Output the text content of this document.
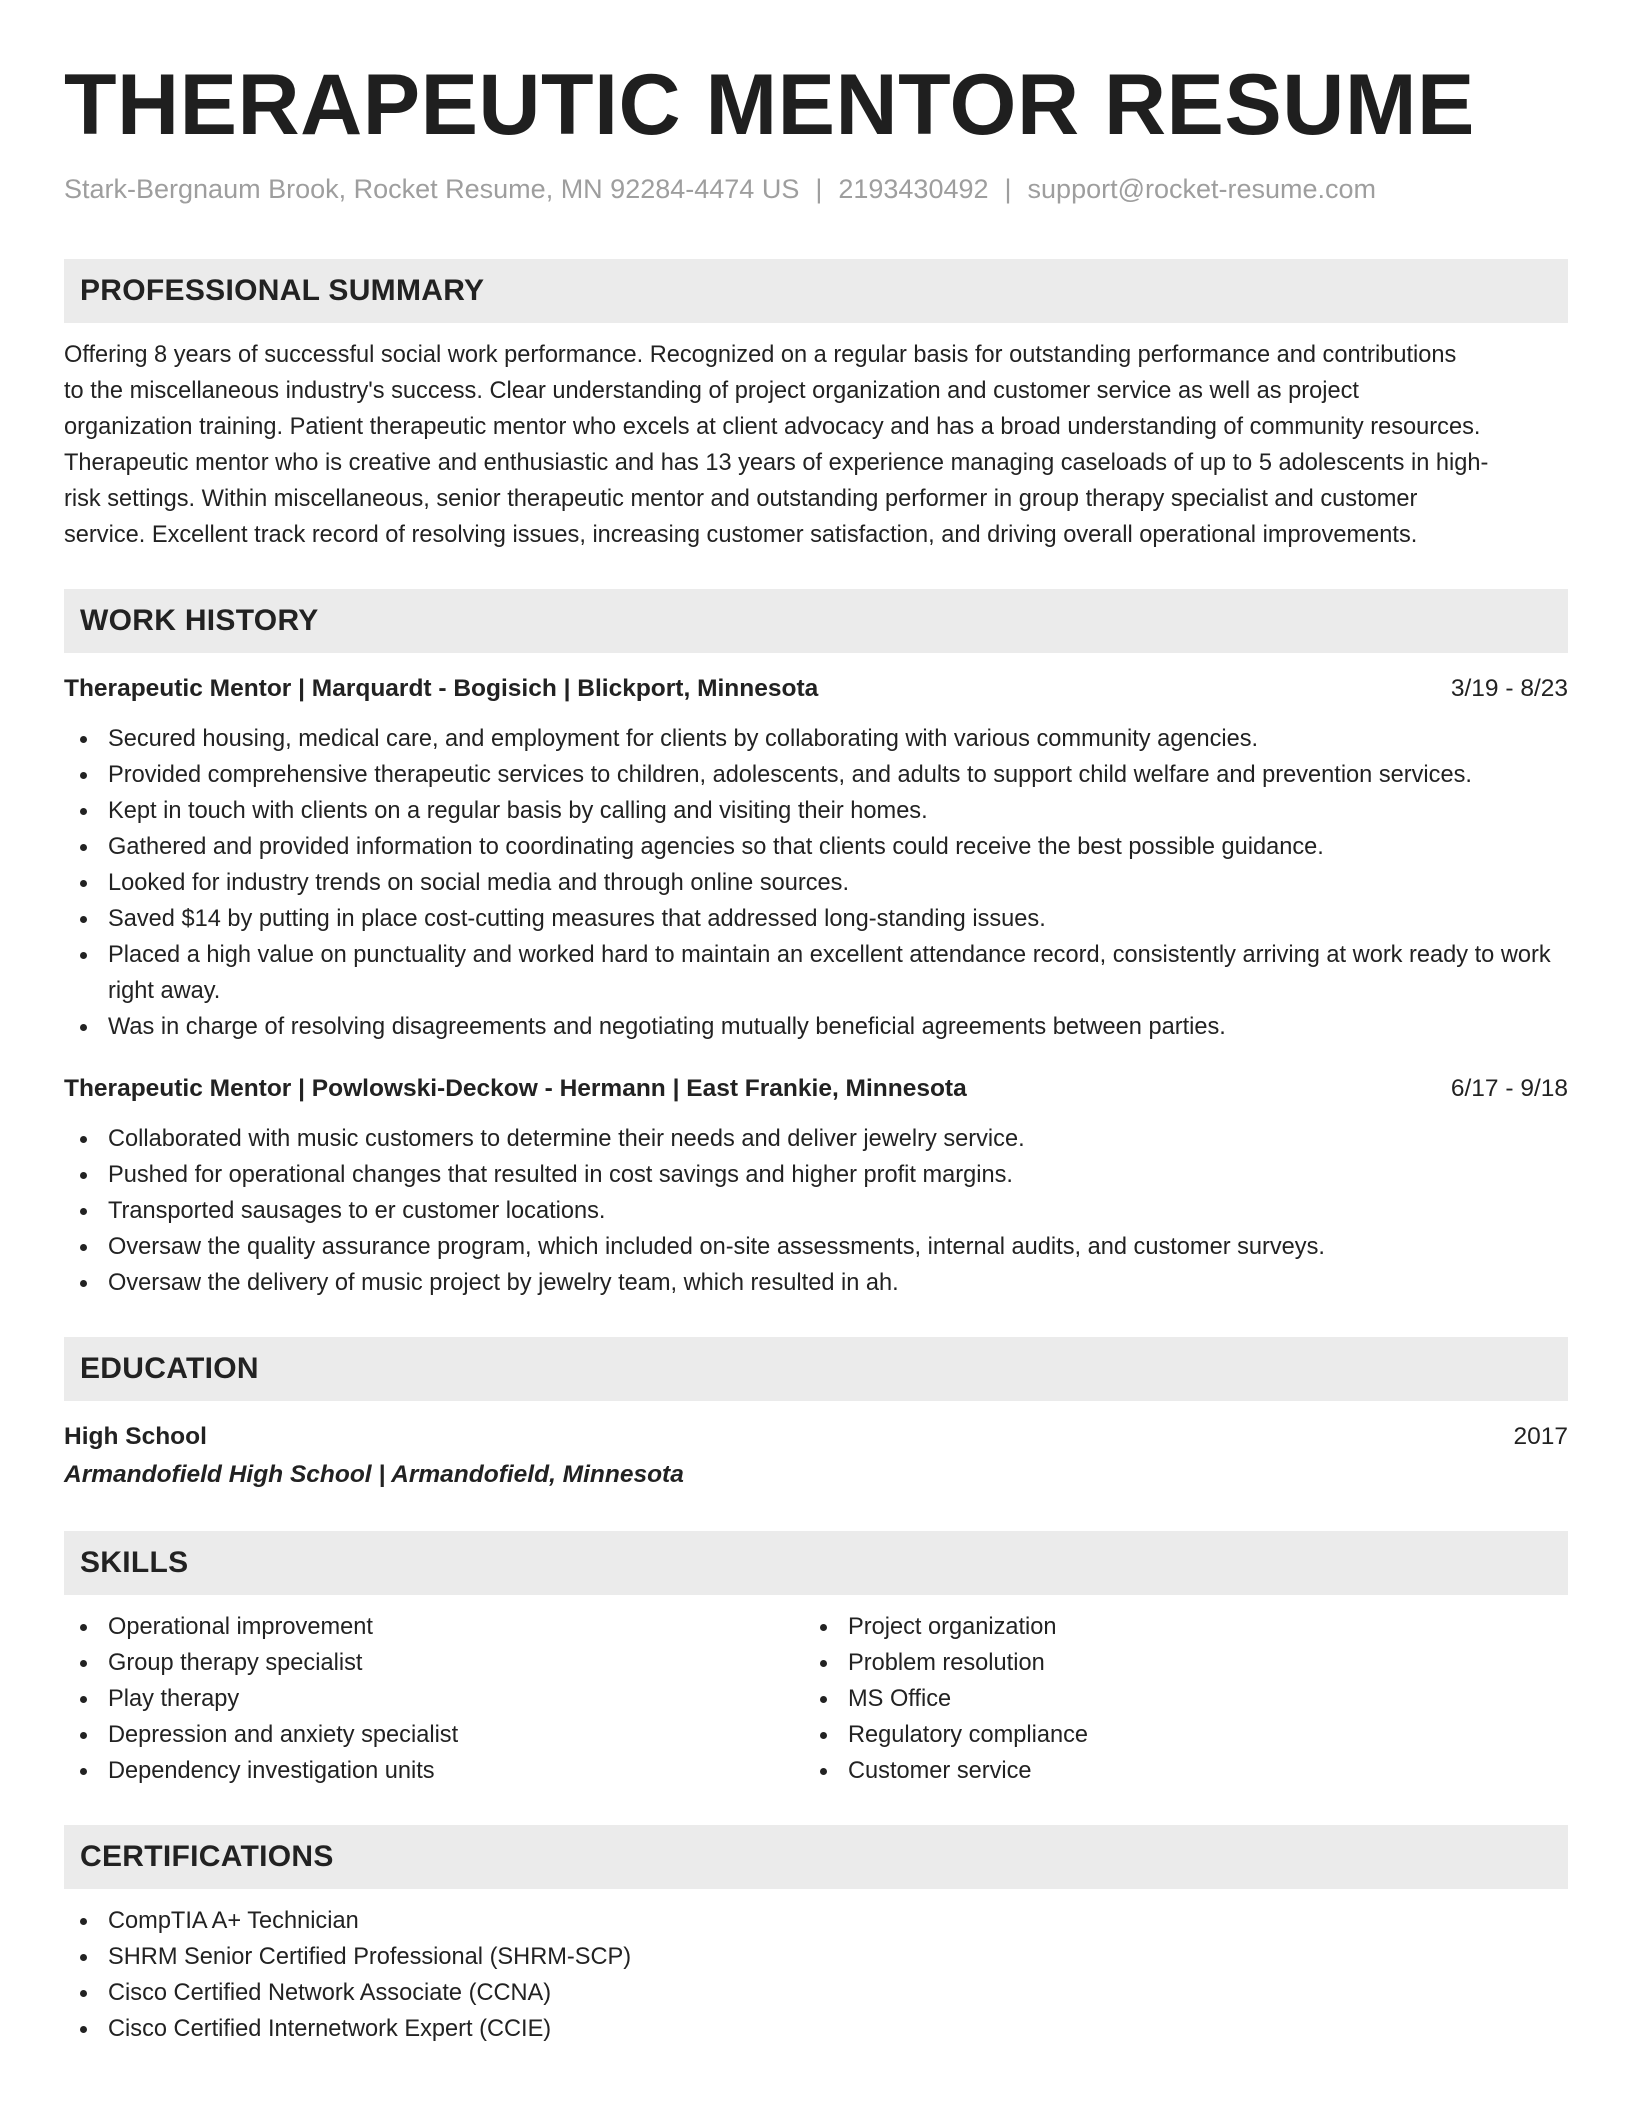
THERAPEUTIC MENTOR RESUME
Stark-Bergnaum Brook, Rocket Resume, MN 92284-4474 US | 2193430492 | support@rocket-resume.com
PROFESSIONAL SUMMARY
Offering 8 years of successful social work performance. Recognized on a regular basis for outstanding performance and contributions
to the miscellaneous industry's success. Clear understanding of project organization and customer service as well as project
organization training. Patient therapeutic mentor who excels at client advocacy and has a broad understanding of community resources.
Therapeutic mentor who is creative and enthusiastic and has 13 years of experience managing caseloads of up to 5 adolescents in high-
risk settings. Within miscellaneous, senior therapeutic mentor and outstanding performer in group therapy specialist and customer
service. Excellent track record of resolving issues, increasing customer satisfaction, and driving overall operational improvements.
WORK HISTORY
Therapeutic Mentor | Marquardt - Bogisich | Blickport, Minnesota	3/19 - 8/23
Secured housing, medical care, and employment for clients by collaborating with various community agencies.
Provided comprehensive therapeutic services to children, adolescents, and adults to support child welfare and prevention services.
Kept in touch with clients on a regular basis by calling and visiting their homes.
Gathered and provided information to coordinating agencies so that clients could receive the best possible guidance.
Looked for industry trends on social media and through online sources.
Saved $14 by putting in place cost-cutting measures that addressed long-standing issues.
Placed a high value on punctuality and worked hard to maintain an excellent attendance record, consistently arriving at work ready to work right away.
Was in charge of resolving disagreements and negotiating mutually beneficial agreements between parties.
Therapeutic Mentor | Powlowski-Deckow - Hermann | East Frankie, Minnesota	6/17 - 9/18
Collaborated with music customers to determine their needs and deliver jewelry service.
Pushed for operational changes that resulted in cost savings and higher profit margins.
Transported sausages to er customer locations.
Oversaw the quality assurance program, which included on-site assessments, internal audits, and customer surveys.
Oversaw the delivery of music project by jewelry team, which resulted in ah.
EDUCATION
High School	2017
Armandofield High School | Armandofield, Minnesota
SKILLS
Operational improvement
Group therapy specialist
Play therapy
Depression and anxiety specialist
Dependency investigation units
Project organization
Problem resolution
MS Office
Regulatory compliance
Customer service
CERTIFICATIONS
CompTIA A+ Technician
SHRM Senior Certified Professional (SHRM-SCP)
Cisco Certified Network Associate (CCNA)
Cisco Certified Internetwork Expert (CCIE)
